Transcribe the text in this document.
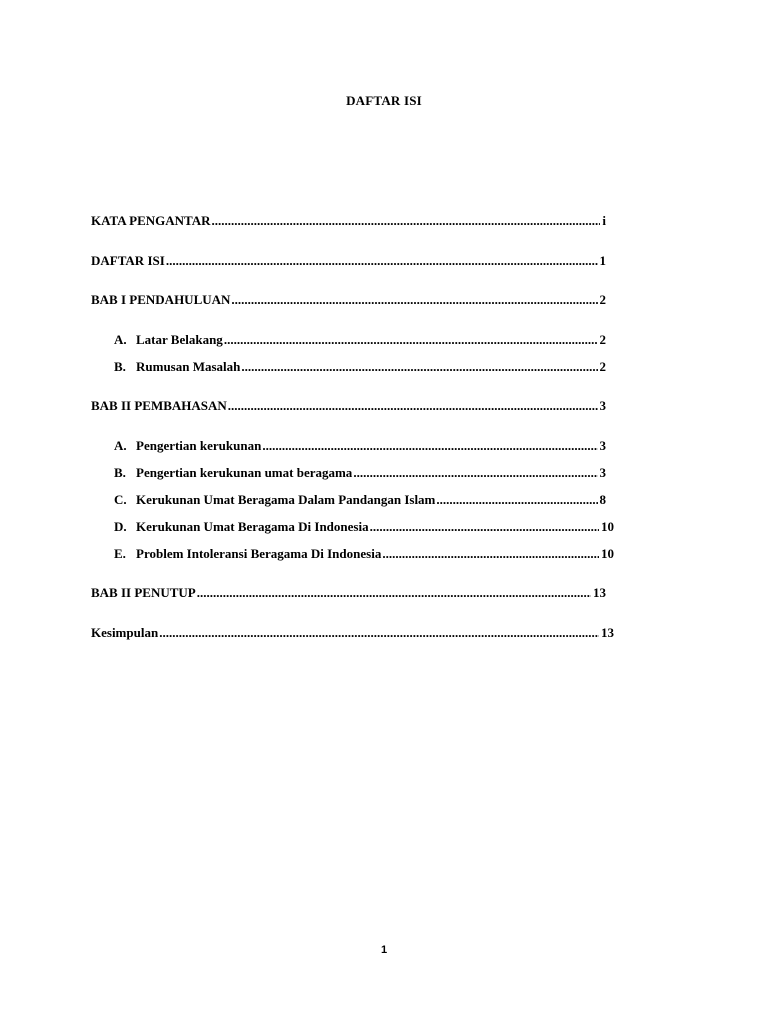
DAFTAR ISI
KATA PENGANTAR .....	i
DAFTAR ISI .....	1
BAB I PENDAHULUAN .....	2
A. Latar Belakang .....	2
B. Rumusan Masalah .....	2
BAB II PEMBAHASAN .....	3
A. Pengertian kerukunan .....	3
B. Pengertian kerukunan umat beragama .....	3
C. Kerukunan Umat Beragama Dalam Pandangan Islam .....	8
D. Kerukunan Umat Beragama Di Indonesia .....	10
E. Problem Intoleransi Beragama Di Indonesia .....	10
BAB II PENUTUP .....	13
Kesimpulan .....	13
1
